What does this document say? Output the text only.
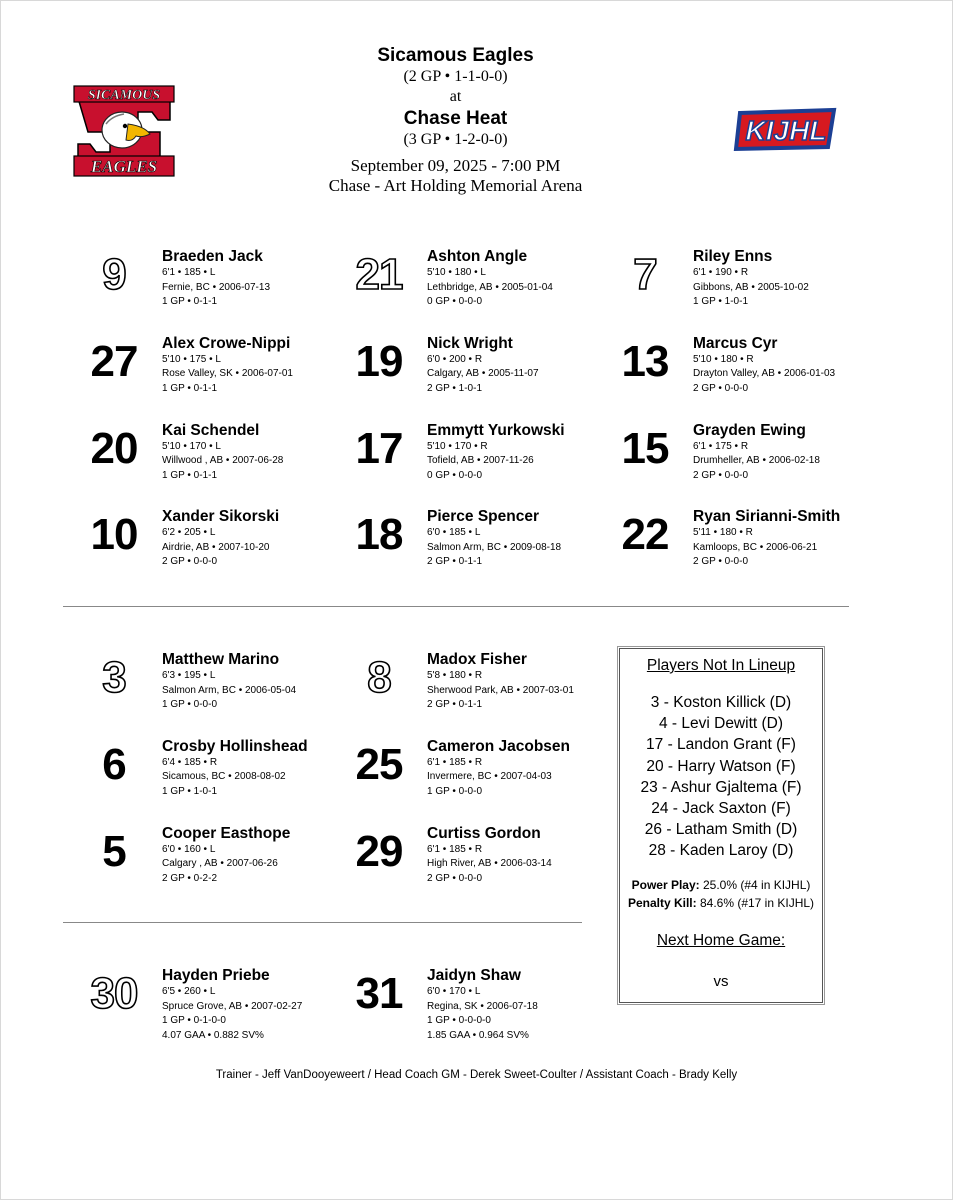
Sicamous Eagles
(2 GP • 1-1-0-0)
at
Chase Heat
(3 GP • 1-2-0-0)
September 09, 2025 - 7:00 PM
Chase - Art Holding Memorial Arena
SICAMOUS
EAGLES
KIJHL
9	Braeden Jack
6'1 • 185 • L
Fernie, BC • 2006-07-13
1 GP • 0-1-1
21	Ashton Angle
5'10 • 180 • L
Lethbridge, AB • 2005-01-04
0 GP • 0-0-0
7	Riley Enns
6'1 • 190 • R
Gibbons, AB • 2005-10-02
1 GP • 1-0-1
27	Alex Crowe-Nippi
5'10 • 175 • L
Rose Valley, SK • 2006-07-01
1 GP • 0-1-1
19	Nick Wright
6'0 • 200 • R
Calgary, AB • 2005-11-07
2 GP • 1-0-1
13	Marcus Cyr
5'10 • 180 • R
Drayton Valley, AB • 2006-01-03
2 GP • 0-0-0
20	Kai Schendel
5'10 • 170 • L
Willwood , AB • 2007-06-28
1 GP • 0-1-1
17	Emmytt Yurkowski
5'10 • 170 • R
Tofield, AB • 2007-11-26
0 GP • 0-0-0
15	Grayden Ewing
6'1 • 175 • R
Drumheller, AB • 2006-02-18
2 GP • 0-0-0
10	Xander Sikorski
6'2 • 205 • L
Airdrie, AB • 2007-10-20
2 GP • 0-0-0
18	Pierce Spencer
6'0 • 185 • L
Salmon Arm, BC • 2009-08-18
2 GP • 0-1-1
22	Ryan Sirianni-Smith
5'11 • 180 • R
Kamloops, BC • 2006-06-21
2 GP • 0-0-0
3	Matthew Marino
6'3 • 195 • L
Salmon Arm, BC • 2006-05-04
1 GP • 0-0-0
8	Madox Fisher
5'8 • 180 • R
Sherwood Park, AB • 2007-03-01
2 GP • 0-1-1
6	Crosby Hollinshead
6'4 • 185 • R
Sicamous, BC • 2008-08-02
1 GP • 1-0-1
25	Cameron Jacobsen
6'1 • 185 • R
Invermere, BC • 2007-04-03
1 GP • 0-0-0
5	Cooper Easthope
6'0 • 160 • L
Calgary , AB • 2007-06-26
2 GP • 0-2-2
29	Curtiss Gordon
6'1 • 185 • R
High River, AB • 2006-03-14
2 GP • 0-0-0
30	Hayden Priebe
6'5 • 260 • L
Spruce Grove, AB • 2007-02-27
1 GP • 0-1-0-0
4.07 GAA • 0.882 SV%
31	Jaidyn Shaw
6'0 • 170 • L
Regina, SK • 2006-07-18
1 GP • 0-0-0-0
1.85 GAA • 0.964 SV%
Players Not In Lineup
3 - Koston Killick (D)
4 - Levi Dewitt (D)
17 - Landon Grant (F)
20 - Harry Watson (F)
23 - Ashur Gjaltema (F)
24 - Jack Saxton (F)
26 - Latham Smith (D)
28 - Kaden Laroy (D)
Power Play: 25.0% (#4 in KIJHL)
Penalty Kill: 84.6% (#17 in KIJHL)
Next Home Game:
vs
Trainer - Jeff VanDooyeweert / Head Coach GM - Derek Sweet-Coulter / Assistant Coach - Brady Kelly
